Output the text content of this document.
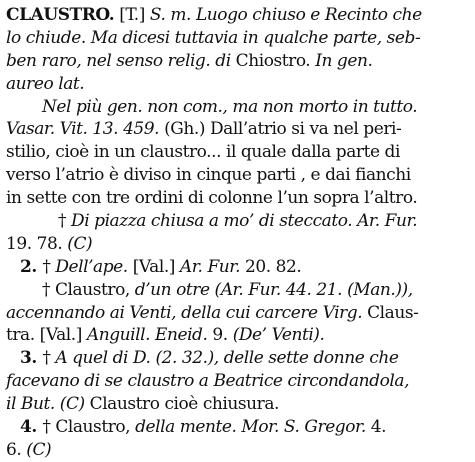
CLAUSTRO. [T.] S. m. Luogo chiuso e Recinto che
lo chiude. Ma dicesi tuttavia in qualche parte, seb-
ben raro, nel senso relig. di Chiostro. In gen.
aureo lat.
Nel più gen. non com., ma non morto in tutto.
Vasar. Vit. 13. 459. (Gh.) Dall’atrio si va nel peri-
stilio, cioè in un claustro... il quale dalla parte di
verso l’atrio è diviso in cinque parti , e dai fianchi
in sette con tre ordini di colonne l’un sopra l’altro.
† Di piazza chiusa a mo’ di steccato. Ar. Fur.
19. 78. (C)
2. † Dell’ape. [Val.] Ar. Fur. 20. 82.
† Claustro, d’un otre (Ar. Fur. 44. 21. (Man.)),
accennando ai Venti, della cui carcere Virg. Claus-
tra. [Val.] Anguill. Eneid. 9. (De’ Venti).
3. † A quel di D. (2. 32.), delle sette donne che
facevano di se claustro a Beatrice circondandola,
il But. (C) Claustro cioè chiusura.
4. † Claustro, della mente. Mor. S. Gregor. 4.
6. (C)
